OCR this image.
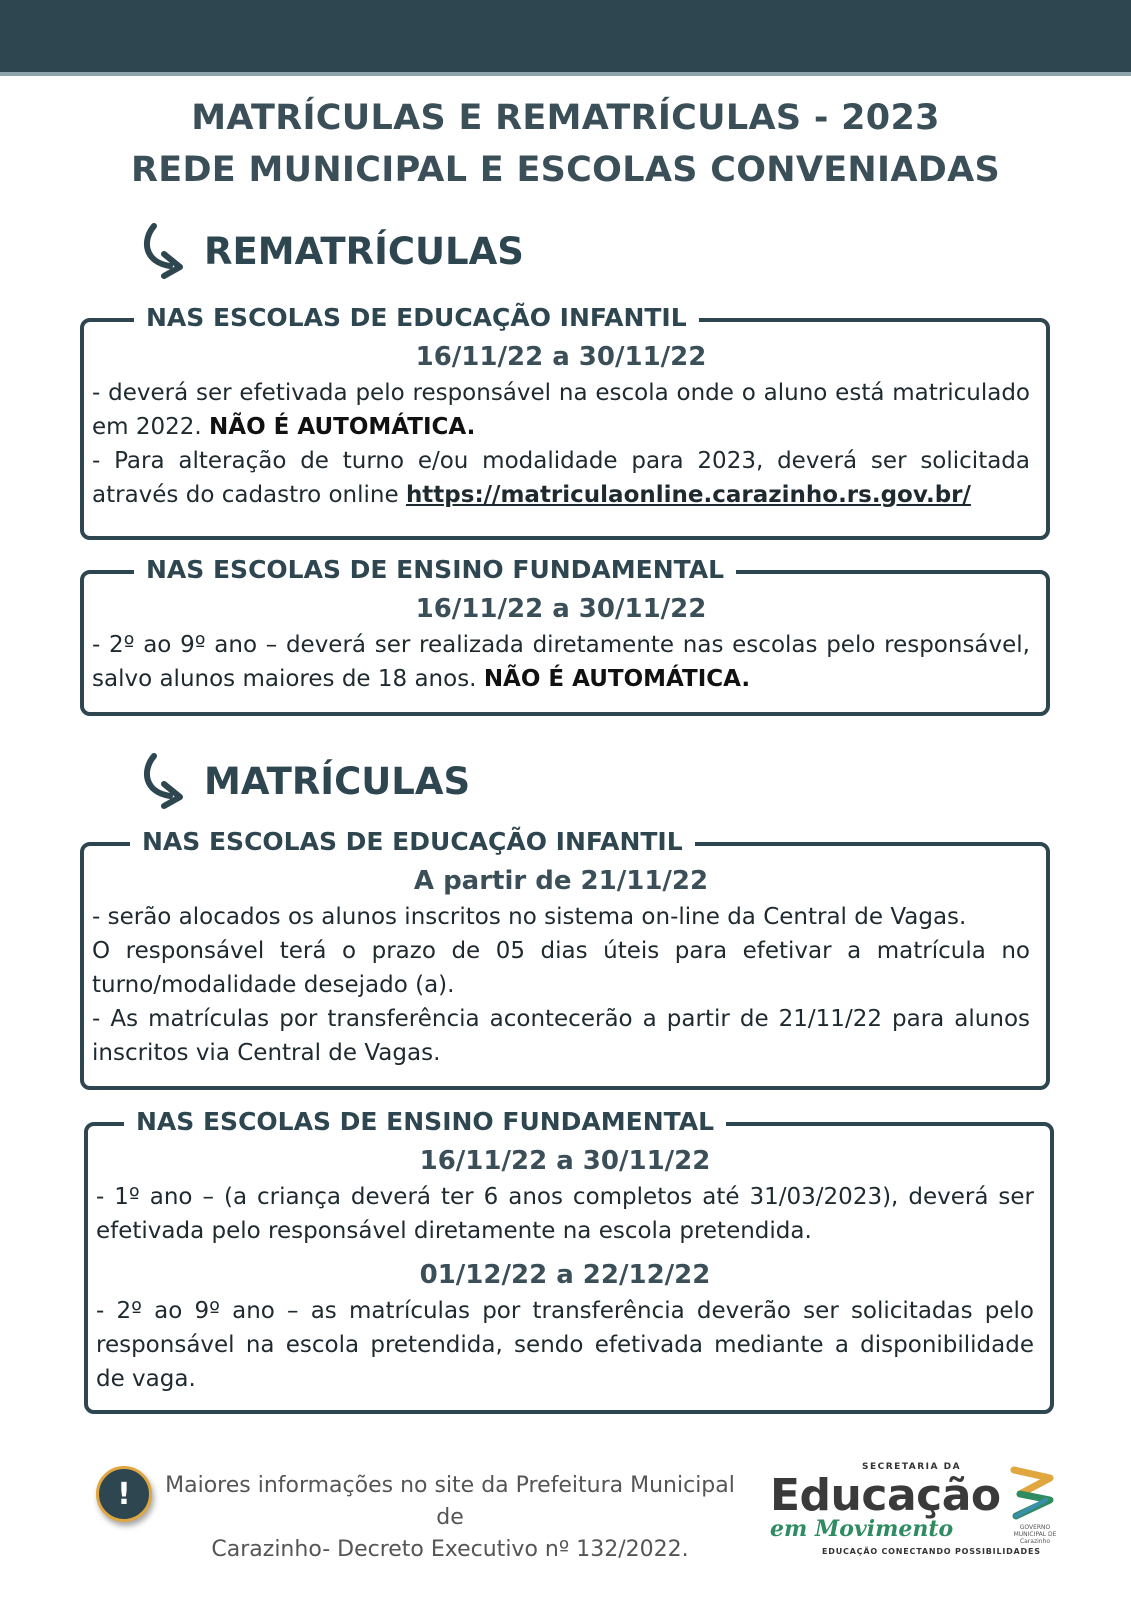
MATRÍCULAS E REMATRÍCULAS - 2023
REDE MUNICIPAL E ESCOLAS CONVENIADAS
REMATRÍCULAS
NAS ESCOLAS DE EDUCAÇÃO INFANTIL
16/11/22 a 30/11/22
- deverá ser efetivada pelo responsável na escola onde o aluno está matriculado em 2022. NÃO É AUTOMÁTICA.
- Para alteração de turno e/ou modalidade para 2023, deverá ser solicitada através do cadastro online https://matriculaonline.carazinho.rs.gov.br/
NAS ESCOLAS DE ENSINO FUNDAMENTAL
16/11/22 a 30/11/22
- 2º ao 9º ano – deverá ser realizada diretamente nas escolas pelo responsável, salvo alunos maiores de 18 anos. NÃO É AUTOMÁTICA.
MATRÍCULAS
NAS ESCOLAS DE EDUCAÇÃO INFANTIL
A partir de 21/11/22
- serão alocados os alunos inscritos no sistema on-line da Central de Vagas.
O responsável terá o prazo de 05 dias úteis para efetivar a matrícula no turno/modalidade desejado (a).
- As matrículas por transferência acontecerão a partir de 21/11/22 para alunos inscritos via Central de Vagas.
NAS ESCOLAS DE ENSINO FUNDAMENTAL
16/11/22 a 30/11/22
- 1º ano – (a criança deverá ter 6 anos completos até 31/03/2023), deverá ser efetivada pelo responsável diretamente na escola pretendida.
01/12/22 a 22/12/22
- 2º ao 9º ano – as matrículas por transferência deverão ser solicitadas pelo responsável na escola pretendida, sendo efetivada mediante a disponibilidade de vaga.
!	Maiores informações no site da Prefeitura Municipal de
Carazinho- Decreto Executivo nº 132/2022.
SECRETARIA DA
Educação
em Movimento
EDUCAÇÃO CONECTANDO POSSIBILIDADES
GOVERNO
MUNICIPAL DE
Carazinho
